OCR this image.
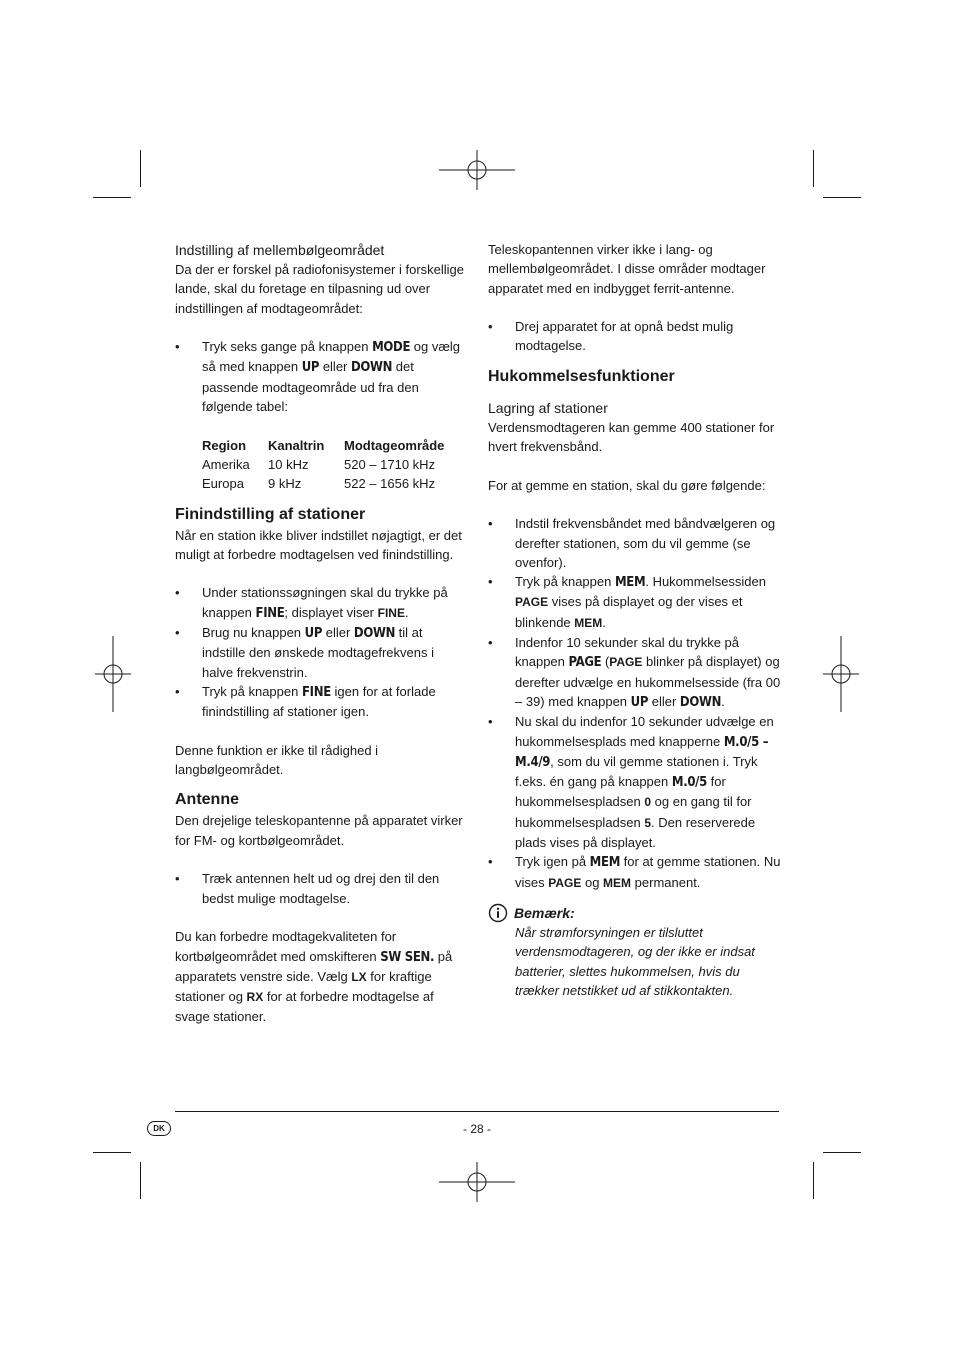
Indstilling af mellembølgeområdet

Da der er forskel på radiofonisystemer i forskellige lande, skal du foretage en tilpasning ud over indstillingen af modtageområdet:

• Tryk seks gange på knappen MODE og vælg så med knappen UP eller DOWN det passende modtageområde ud fra den følgende tabel:
Region	Kanaltrin	Modtageområde
Amerika	10 kHz	520 – 1710 kHz
Europa	9 kHz	522 – 1656 kHz
Finindstilling af stationer

Når en station ikke bliver indstillet nøjagtigt, er det muligt at forbedre modtagelsen ved finindstilling.

• Under stationssøgningen skal du trykke på knappen FINE; displayet viser FINE.
• Brug nu knappen UP eller DOWN til at indstille den ønskede modtagefrekvens i halve frekvenstrin.
• Tryk på knappen FINE igen for at forlade finindstilling af stationer igen.

Denne funktion er ikke til rådighed i langbølgeområdet.

Antenne

Den drejelige teleskopantenne på apparatet virker for FM- og kortbølgeområdet.

• Træk antennen helt ud og drej den til den bedst mulige modtagelse.

Du kan forbedre modtagekvaliteten for kortbølgeområdet med omskifteren SW SEN. på apparatets venstre side. Vælg LX for kraftige stationer og RX for at forbedre modtagelse af svage stationer.

Teleskopantennen virker ikke i lang- og mellembølgeområdet. I disse områder modtager apparatet med en indbygget ferrit-antenne.

• Drej apparatet for at opnå bedst mulig modtagelse.
Hukommelsesfunktioner
Lagring af stationer

Verdensmodtageren kan gemme 400 stationer for hvert frekvensbånd.

For at gemme en station, skal du gøre følgende:

• Indstil frekvensbåndet med båndvælgeren og derefter stationen, som du vil gemme (se ovenfor).
• Tryk på knappen MEM. Hukommelsessiden PAGE vises på displayet og der vises et blinkende MEM.
• Indenfor 10 sekunder skal du trykke på knappen PAGE (PAGE blinker på displayet) og derefter udvælge en hukommelsesside (fra 00 – 39) med knappen UP eller DOWN.
• Nu skal du indenfor 10 sekunder udvælge en hukommelsesplads med knapperne M.0/5 – M.4/9, som du vil gemme stationen i. Tryk f.eks. én gang på knappen M.0/5 for hukommelsespladsen 0 og en gang til for hukommelsespladsen 5. Den reserverede plads vises på displayet.
• Tryk igen på MEM for at gemme stationen. Nu vises PAGE og MEM permanent.
Bemærk:

Når strømforsyningen er tilsluttet verdensmodtageren, og der ikke er indsat batterier, slettes hukommelsen, hvis du trækker netstikket ud af stikkontakten.

DK	- 28 -
